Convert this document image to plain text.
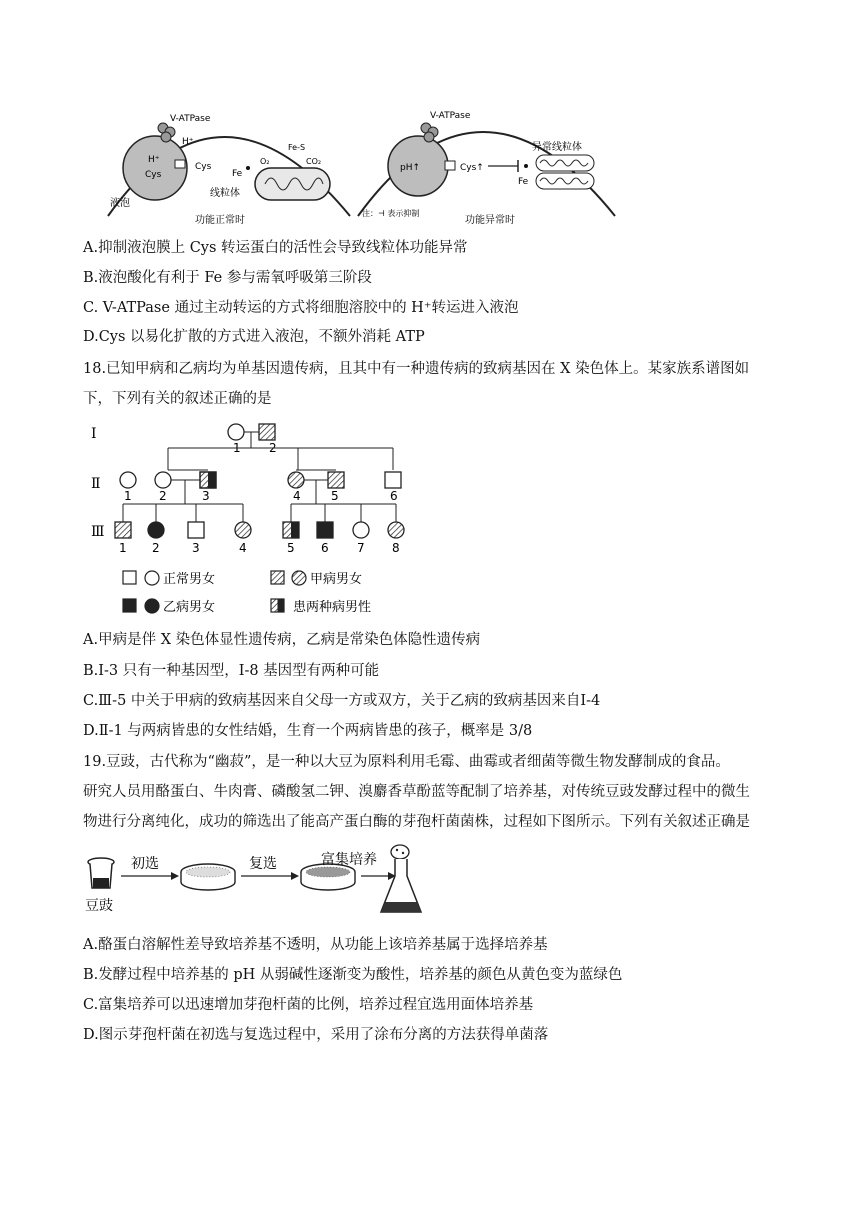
V-ATPase
H⁺
H⁺
Cys
Cys
Fe
O₂
Fe-S
CO₂
液泡
线粒体
功能正常时
V-ATPase
pH↑	Cys↑
Fe
异常线粒体
注：⊣ 表示抑制
功能异常时
A.抑制液泡膜上 Cys 转运蛋白的活性会导致线粒体功能异常
B.液泡酸化有利于 Fe 参与需氧呼吸第三阶段
C. V-ATPase 通过主动转运的方式将细胞溶胶中的 H⁺转运进入液泡
D.Cys 以易化扩散的方式进入液泡，不额外消耗 ATP
18.已知甲病和乙病均为单基因遗传病，且其中有一种遗传病的致病基因在 X 染色体上。某家族系谱图如
下，下列有关的叙述正确的是
Ⅰ
Ⅱ
Ⅲ
1 2
1 2	3	4	5	6
1 2	3	4	5 6 7 8
正常男女	甲病男女
乙病男女	患两种病男性
A.甲病是伴 X 染色体显性遗传病，乙病是常染色体隐性遗传病
B.Ⅰ-3 只有一种基因型，Ⅰ-8 基因型有两种可能
C.Ⅲ-5 中关于甲病的致病基因来自父母一方或双方，关于乙病的致病基因来自Ⅰ-4
D.Ⅱ-1 与两病皆患的女性结婚，生育一个两病皆患的孩子，概率是 3/8
19.豆豉，古代称为“幽菽”，是一种以大豆为原料利用毛霉、曲霉或者细菌等微生物发酵制成的食品。
研究人员用酪蛋白、牛肉膏、磷酸氢二钾、溴麝香草酚蓝等配制了培养基，对传统豆豉发酵过程中的微生
物进行分离纯化，成功的筛选出了能高产蛋白酶的芽孢杆菌菌株，过程如下图所示。下列有关叙述正确是
豆豉
初选	复选	富集培养
A.酪蛋白溶解性差导致培养基不透明，从功能上该培养基属于选择培养基
B.发酵过程中培养基的 pH 从弱碱性逐渐变为酸性，培养基的颜色从黄色变为蓝绿色
C.富集培养可以迅速增加芽孢杆菌的比例，培养过程宜选用面体培养基
D.图示芽孢杆菌在初选与复选过程中，采用了涂布分离的方法获得单菌落
